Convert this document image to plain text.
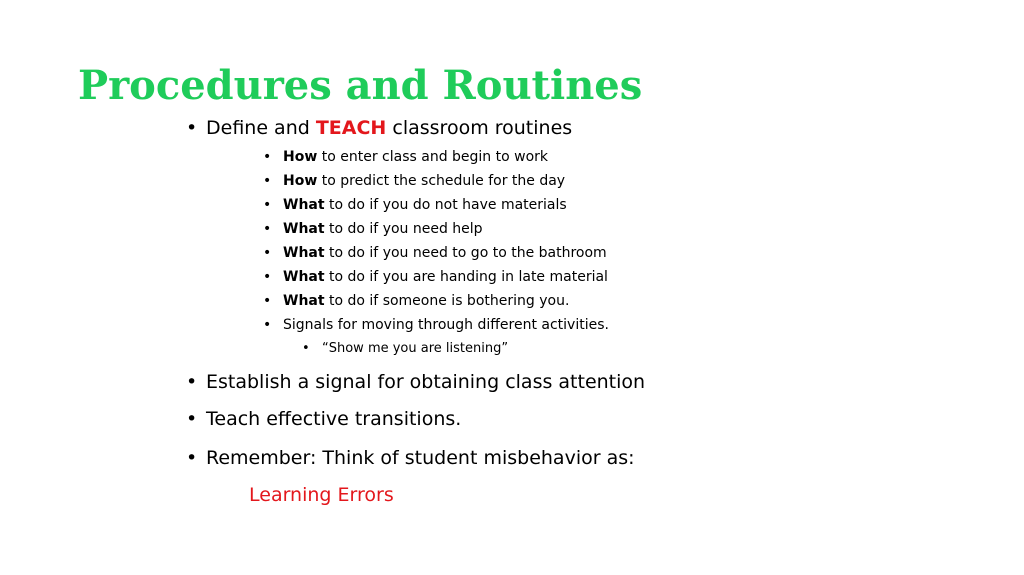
Procedures and Routines
• Define and TEACH classroom routines
• How to enter class and begin to work
• How to predict the schedule for the day
• What to do if you do not have materials
• What to do if you need help
• What to do if you need to go to the bathroom
• What to do if you are handing in late material
• What to do if someone is bothering you.
• Signals for moving through different activities.
• “Show me you are listening”
• Establish a signal for obtaining class attention
• Teach effective transitions.
• Remember: Think of student misbehavior as:
Learning Errors
